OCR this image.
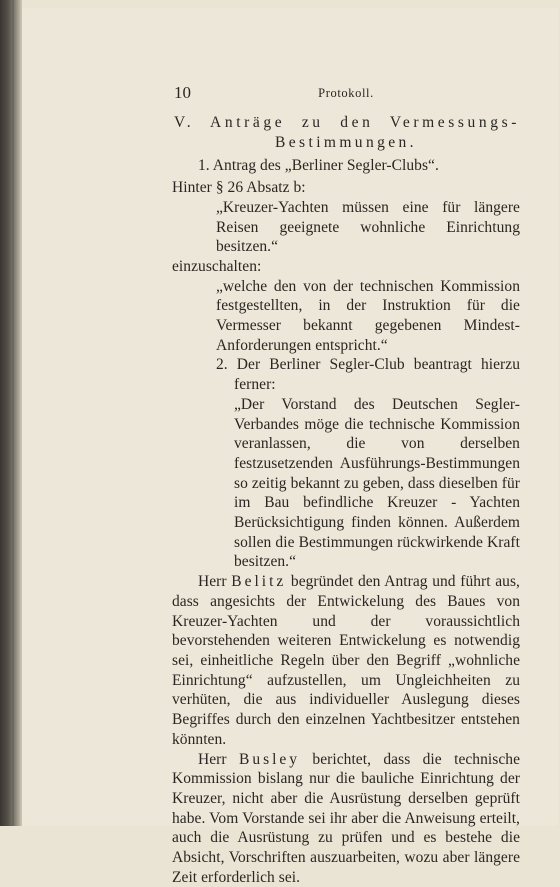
10	Protokoll.

V. Anträge zu den Vermessungs-

Bestimmungen.

1. Antrag des „Berliner Segler-Clubs“.

Hinter § 26 Absatz b:

„Kreuzer-Yachten müssen eine für längere Reisen geeignete wohnliche Einrichtung besitzen.“

einzuschalten:

„welche den von der technischen Kommission festgestellten, in der Instruktion für die Vermesser bekannt gegebenen Mindest-Anforderungen entspricht.“

2. Der Berliner Segler-Club beantragt hierzu ferner:

„Der Vorstand des Deutschen Segler-Verbandes möge die technische Kommission veranlassen, die von derselben festzusetzenden Ausführungs-Bestimmungen so zeitig bekannt zu geben, dass dieselben für im Bau befindliche Kreuzer - Yachten Berücksichtigung finden können. Außerdem sollen die Bestimmungen rückwirkende Kraft besitzen.“

Herr Belitz begründet den Antrag und führt aus, dass angesichts der Entwickelung des Baues von Kreuzer-Yachten und der voraussichtlich bevorstehenden weiteren Entwickelung es notwendig sei, einheitliche Regeln über den Begriff „wohnliche Einrichtung“ aufzustellen, um Ungleichheiten zu verhüten, die aus individueller Auslegung dieses Begriffes durch den einzelnen Yachtbesitzer entstehen könnten.

Herr Busley berichtet, dass die technische Kommission bislang nur die bauliche Einrichtung der Kreuzer, nicht aber die Ausrüstung derselben geprüft habe. Vom Vorstande sei ihr aber die Anweisung erteilt, auch die Ausrüstung zu prüfen und es bestehe die Absicht, Vorschriften auszuarbeiten, wozu aber längere Zeit erforderlich sei.
